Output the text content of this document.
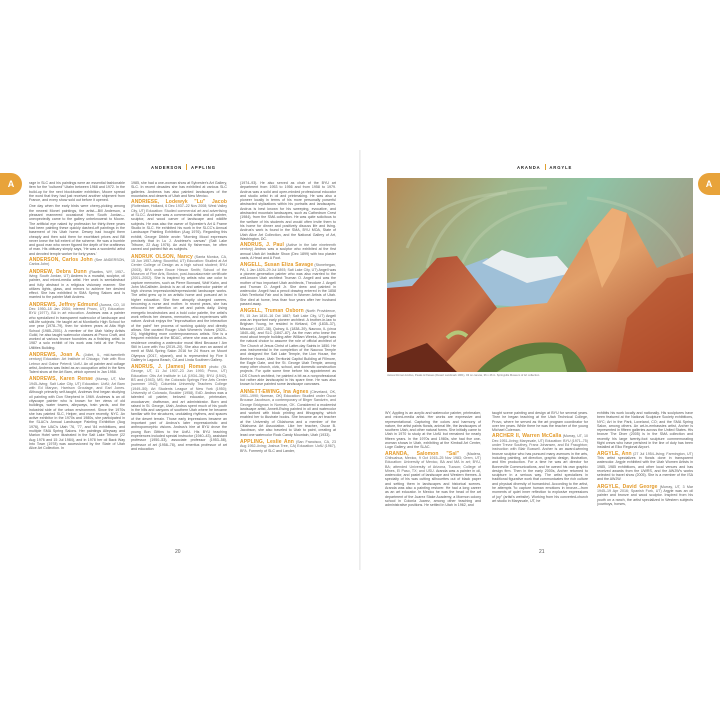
ANDERSON APPLING
A	rage in SLC and his paintings were an essential fashionable item for the "cultured" Utahn between 1968 and 1972. In the build-up for the next blockbuster exhibition, Moore spread the word that they had just received another shipment from France, and every show sold out before it opened.

One day when the early birds were cherry-picking among the newest Monet paintings, the artist—Bill Anderson, a pleasant mannered occasional from South Jordan—unexpectedly came to the gallery unbeknownst to Moore. The artificial eye naked by profession for thirty-three years had been painting these quickly dashed-off paintings in the basement of his Utah home. Dewey had bought them cheaply and then sold them for exorbitant prices and Bill never knew the full extent of the scheme. He was a humble and good man who never figured the depth of the craftiness of man. His obituary simply says, 'He was a wonderful artist and devoted temple worker for forty years.'

ANDERSON, Carlos John (See ANDERSON, Carlos John)
ANDREW, Debra Dunn (Rawlins, WY, 1957–living; South Jordan, UT) Andrew is a muralist, sculptor, oil painter, and mixed-media artist. Her work is semiabstract and fully abstract in a religious visionary manner. She utilizes lights, glass, and mirrors to achieve her desired effect. She has exhibited in SMA Spring Salons and is married to the painter Matt Andrew.
ANDREWS, Jeffrey Edmund (Aurora, CO, 10 Dec 1950–18 Jan 2004; interred Provo, UT) Education: BYU (1977), BA in art education. Andrews was a painter who specialized in transparent watercolor of landscape and still-life subjects. He taught art at Monticello High School for one year (1978–79), then for sixteen years at Alta High School (1985–2001). A member of the Utah Valley Artists Guild, he also taught watercolor classes at Provo Craft, and worked at various bronze foundries as a finishing artist. In 1987 a solo exhibit of his work was held at the Provo Utilities Building.
ANDREWS, Joan A. (Joliet, IL, mid-twentieth century) Education: Art Institute of Chicago; Yale with Rico Lebrun and Gabor Peterdi; UofU. An oil painter and collage artist, Andrews was listed as an occupation artist in the New Talent show at the Art Barn, which opened in Jan 1958.
ANDREWS, Karen Renae (Murray, UT, Mar 1945–living; Salt Lake City, UT) Education: UofU; Art Barn with Ed Maryon, Harrison Groutage, and Earl Jones. Although primarily self-taught, Andrews first began studying oil painting with Don Shepherd in 1969. Andrews is an oil cityscape painter who is known for her views of old buildings, water towers, alleyways, train yards, and the industrial side of the urban environment. Since the 1970s she has painted SLC, Helper, and more recently, NYC. An active exhibitor in the 1970s and 1980s, she participated in the SLAC's Annual Landscape Painting Exhibition (Aug 1976), the UAC's Utah '76, '77, and '84 exhibitions, and multiple SMA Spring Salons. Her paintings Alleyway and Marion Hotel were illustrated in the Salt Lake Tribune (22 Aug 1976 and 15 Jul 1984), and in 1978 her oil Back Way Into Town (1978) was accessioned by the State of Utah Alice Art Collection. In

1985, she had a one-woman show at Sylvester's Art Gallery, SLC. In recent decades she has exhibited at various SLC galleries. Andrews has also painted landscapes of the mountains and deserts of Utah and New Mexico.

ANDRIESE, Lodewyk "Lu" Jacob (Rotterdam, Holland, 6 Dec 1937–22 Nov 2008; West Valley City, UT) Education: Studied commercial art and advertising at SLCC. Andriese was a commercial artist and oil painter, sculptor, and wood carver of landscape and wildlife subjects. He was also the owner of Sylvester's Art & Frame Studio in SLC. He exhibited his work in the SLCC's Annual Landscape Painting Exhibition (Aug 1976). Regarding this exhibit, George Dibble wrote: "Morning Mood expresses precisely that in Lu J. Andriese's canvas" (Salt Lake Tribune, 22 Aug 1976). An avid fly fisherman, he often carved and painted fish as subjects.
ANDRUK OLSON, Nancy (Santa Monica, CA, 15 Jun 1957–living; Bountiful, UT) Education: Studied at Art Center College of Design as a high school student; BYU (2003), BFA under Bruce Hixson Smith; School of the Museum of Fine Arts, Boston, post-baccalaureate certificate (2001–2002). She is inspired by artists who use color to capture memories, such as Pierre Bonnard, Wolf Kahn, and John McCallister. Andruk is an oil and watercolor painter of high chroma impressionist/expressionist landscape works. The artist grew up in an artistic home and pursued art in higher education. She then abruptly changed careers, becoming a nurse and mother. In recent years, she has refocused her attention on art and paints daily. Using energetic brushstrokes and a bold color palette, the artist's work reflects her dreams, memories, and experiences with nature. Andruk enjoys the "improvisation and the interaction of the paint" her process of working quickly and directly allows. She curated Rouge: Utah Women's Voices (2020–21), highlighting more contemporaneous artists. She is a frequent exhibitor at the BDAC, where she was an artist-in-residence creating a watercolor mural titled Because I Am Still in Love with You (2019–20). She also won an award of merit at SMA Spring Salon 2016 for 24 Hours on Mount Olympus (2017, n/panel), and is represented by Five 5 Gallery in Laguna Beach, CA and Linda Southern Gallery.
ANDRUS, J. (James) Roman photo (St. George, UT, 11 Jul 1907–23 Jun 1993; Provo, UT) Education: Otis Art Institute in LA (1934–36); BYU (1942), BS and (1943), MS; the Colorado Springs Fine Arts Center (summer 1942); Columbia University Teachers College (1949–50); Art Students League of New York (1950); University of Colorado, Boulder (1958), EdD. Andrus was a talented oil painter, beloved educator, printmaker, woodcarver, draftsman, and art administrator. Born and raised in St. George, Utah, Andrus spent much of his youth in the hills and canyons of southern Utah where he became familiar with the structures, undulating rhythms, and spaces of the desert terrain. Those early impressions became an important part of Andrus's later expressionistic and anthropomorphic visions. Andrus's hire at BYU drove the young Bon Gittins to the UofU. His BYU teaching experiences included special instructor (1940–43), assistant professor (1950–53), associate professor (1953–58), professor of art (1958–78), and emeritus professor of art and education

(1974–93). He also served as chair of the BYU art department from 1953 to 1956 and from 1958 to 1979. Andrus was a solid and open-minded professional educator and studio artist in oil and printmaking. He was also a pioneer locally in terms of his more personally powerful abstracted stylizations within his portraits and landscapes. Andrus is best known for his sweeping, evocative, and abstracted mountain landscapes, such as Cathedrum Crest (1984), from the SMA collection. He was quite solicitous to the welfare of his students and would often invite them to his home for dinner and positively discuss life and living. Andrus's work is found in the SMA, BYU MOA, State of Utah Alice Art Collection, and the National Gallery of Art, Washington, DC.

ANDRUS, J. Paul (Active in the late nineteenth century) Andrus was a sculptor who exhibited at the first annual Utah Art Institute Show (Dec 1899) with two plaster casts, A Head and A Foot.
ANGELL, Susan Eliza Savage (Stonehegan, PA, 1 Jan 1825–29 Jul 1893; Salt Lake City, UT) Angell was a pioneer-generation painter who was also married to the well-known Utah architect Truman O. Angell and was the mother of two important Utah architects, Theodore J. Angell and Truman O. Angell Jr. She drew and painted in watercolor. Angell had a pencil drawing entered in the 1858 Utah Territorial Fair and is listed in Women Artists of Utah. She died at home, less than four years after her husband passed away.
ANGELL, Truman Osborn (North Providence, RI, 15 Jun 1810–16 Oct 1887; Salt Lake City, UT) Angell was an important early pioneer architect. A brother-in-law to Brigham Young, he resided in Kirtland, OH (1835–37), Missouri (1837–38), Quincy, IL (1838–39), Nauvoo, IL (circa 1840–46), and SLC (1847–87). As the man who knew the most about temple building after William Weeks, Angell was the natural choice to assume the role of official architect of The Church of Jesus Christ of Latter-day Saints in 1850. He was instrumental in the completion of the Nauvoo Temple and designed the Salt Lake Temple, the Lion House, the Beehive House, Utah Territorial Capitol Building at Fillmore, the Eagle Gate, and the St. George Utah Temple, among many other church, civic, school, and domestic construction projects. For quite some time before his appointment as LDS Church architect, he painted a bit as a nonprofessional but rather able landscapist in his spare time. He was also known to have painted some landscape canvases.
ANNETT-EWING, Ina Agnes (Cleveland, OK, 1901–1990; Norman, OK) Education: Studied under Oscar Brousse Jacobson, a contemporary of Birger Sandzén, and George Bridgman in Norman, OK. Considered a modernist landscape artist, Annett-Ewing painted in oil and watercolor and worked with block printing and lithography, which enabled her to illustrate books. She became an art teacher at the University of Oklahoma and a member of the Oklahoma Art Association. Like her teacher, Oscar B. Jacobson, she also traveled to Utah to paint, creating at least one watercolor Rock Candy Mountain, Utah (1933).
APPLING, Leslie Ann (San Francisco, CA, 23 Aug 1952–living; Joshua Tree, CA) Education: UofU (1967), BFA. Formerly of SLC and Lander,
20
ARANDA ARGYLE
A
James Roman Andrus, Peaks & Passes (Desert Landmark 1961), Oil on canvas, 36 x 46 in. Springville Museum of Art collection.

WY, Appling is an acrylic and watercolor painter, printmaker, and mixed-media artist. Her works are expressive and representational. Capturing the colors and harmony of nature, the artist paints florals, animal life, the landscapes of southern Utah, and other natural forms. She initially came to Utah in 1970 to study at the UofU but remained for nearly fifteen years. In the 1970s and 1980s, she had five one-woman shows in Utah, exhibiting at the Kimball Art Center, Loge Gallery, and the SLAC.

ARANDA, Salomon "Sal" (Madera, Chihuahua, Mexico, 9 Oct 1915–25 Nov 1983; Orem, UT) Education: University of Mexico, BA and MA in art; BYU, BA; attended University of Arizona, Tucson; College of Mines, El Paso, TX; and USU. Aranda was a painter in oil, watercolor, and pastel of landscape and Western themes. A specialty of his was cutting silhouettes out of black paper and setting them in landscapes and historical scenes. Aranda was also a painting restorer. He had a long career as an art educator. In Mexico he was the head of the art department of the Juarez Stake Academy, a Mormon colony school in Colonia Juarez, among other teaching and administrative positions. He settled in Utah in 1962, and

taught scene painting and design at BYU for several years. Then he began teaching at the Utah Technical College, Provo, where he served as the art program coordinator for over ten years. While there he was the teacher of the young Michael Coleman.

ARCHER II, Warren McCalla (Murray, UT, 10 Dec 1951–living; Marysvale, UT) Education: BYU (1971–75) under Trevor Southey, Franz Johansen, and Ed Fraughton; instruction with Blair Buswell. Archer is an award-winning bronze sculptor who has pursued many avenues in the arts, including painting, art direction, graphic design, illustration, and film production. For a time he was art director for Bonneville Communications, and he owned his own graphic design firm. Then in the early 2000s, Archer returned to sculpture in a serious way. The artist specializes in traditional figurative work that communicates the rich culture and physical diversity of humankind. According to the artist, he attempts "to capture human emotions in bronze—from moments of quiet inner reflection to explosive expressions of joy" (artist's website). Working from his converted-church art studio in Marysvale, UT, he

exhibits his work locally and nationally. His sculptures have been featured at the National Sculpture Society exhibitions, NYC; Art in the Park, Loveland, CO; and the SMA Spring Salon, among others. An art-in-embassies artist, Archer is represented in fifteen galleries across the United States. His bronze The Diver (2005) is in the SMA collection and recently his large twenty-foot sculpture commemorating flight crews who have perished in the line of duty has been installed at Elko Regional Airport.

ARGYLE, Ann (27 Jul 1954–living; Farmington, UT) This artist specializes in florals done in transparent watercolor. Argyle exhibited with the Utah Women Artists in 1985, 1985 exhibitions, and other local venues and has received awards from the UWRS, and the AWJW's works selected to travel show (2005). She is a member of the ISA and the AWJW.
ARGYLE, David George (Murray, UT, 3 Mar 1945–19 Apr 2016; Spanish Fork, UT) Argyle was an oil painter and bronze and wood sculptor. Inspired from his youth on a ranch, the artist specialized in Western subjects (cowboys, horses,
21
